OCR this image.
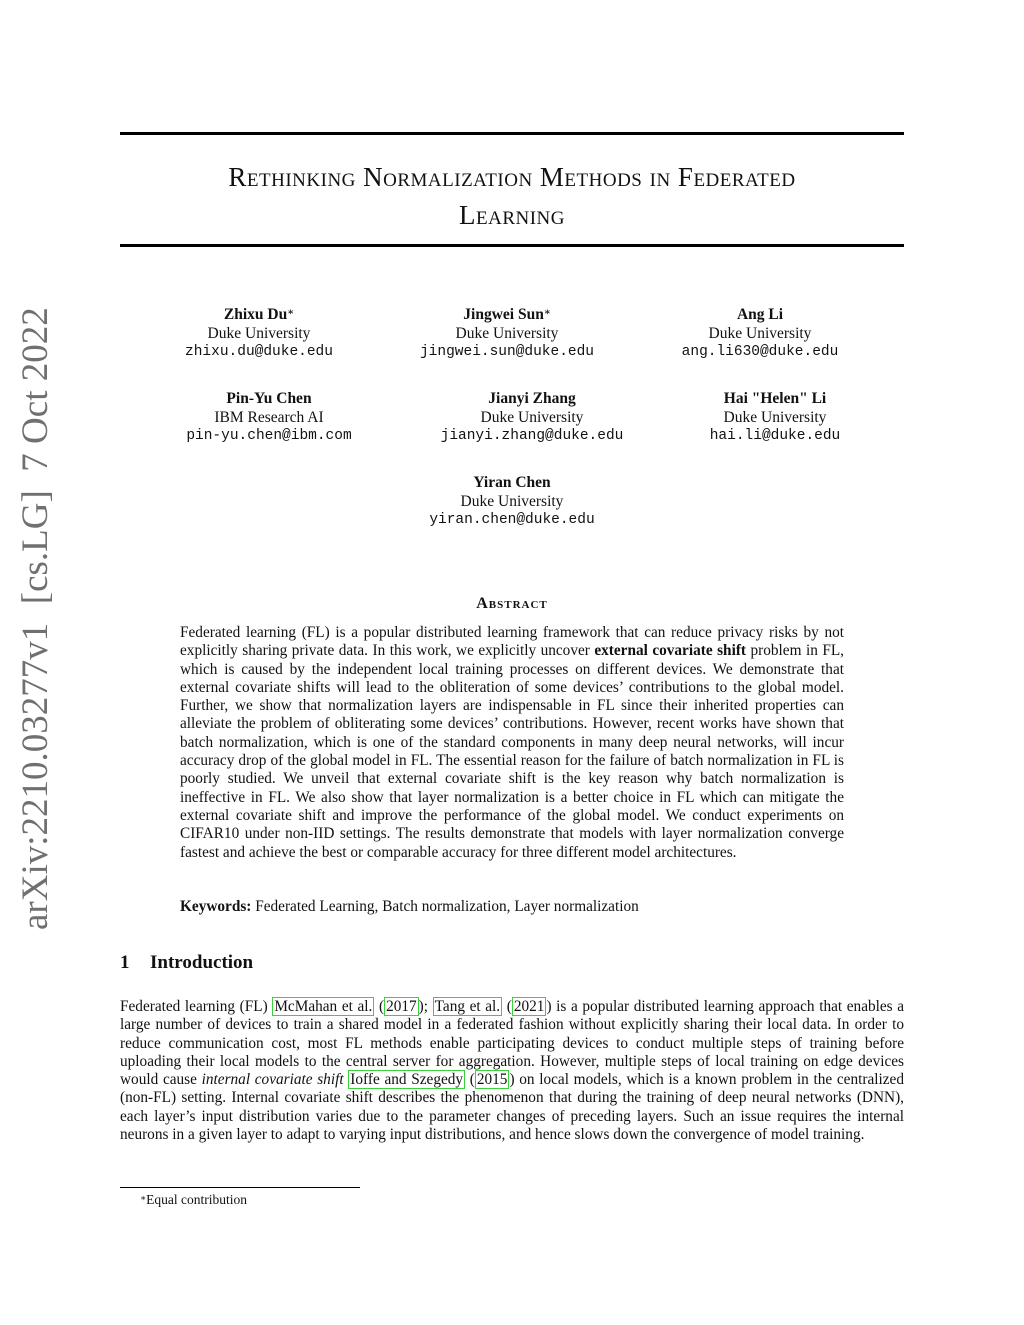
arXiv:2210.03277v1  [cs.LG]  7 Oct 2022
Rethinking Normalization Methods in Federated
Learning
Zhixu Du∗
Duke University
zhixu.du@duke.edu
Jingwei Sun∗
Duke University
jingwei.sun@duke.edu
Ang Li
Duke University
ang.li630@duke.edu
Pin-Yu Chen
IBM Research AI
pin-yu.chen@ibm.com
Jianyi Zhang
Duke University
jianyi.zhang@duke.edu
Hai "Helen" Li
Duke University
hai.li@duke.edu
Yiran Chen
Duke University
yiran.chen@duke.edu
Abstract
Federated learning (FL) is a popular distributed learning framework that can reduce privacy risks by not explicitly sharing private data. In this work, we explicitly uncover external covariate shift problem in FL, which is caused by the independent local training processes on different devices. We demonstrate that external covariate shifts will lead to the obliteration of some devices’ contributions to the global model. Further, we show that normalization layers are indispensable in FL since their inherited properties can alleviate the problem of obliterating some devices’ contributions. However, recent works have shown that batch normalization, which is one of the standard components in many deep neural networks, will incur accuracy drop of the global model in FL. The essential reason for the failure of batch normalization in FL is poorly studied. We unveil that external covariate shift is the key reason why batch normalization is ineffective in FL. We also show that layer normalization is a better choice in FL which can mitigate the external covariate shift and improve the performance of the global model. We conduct experiments on CIFAR10 under non-IID settings. The results demonstrate that models with layer normalization converge fastest and achieve the best or comparable accuracy for three different model architectures.
Keywords: Federated Learning, Batch normalization, Layer normalization
1 Introduction
Federated learning (FL) McMahan et al. ( 2017 ); Tang et al. ( 2021 ) is a popular distributed learning approach that enables a large number of devices to train a shared model in a federated fashion without explicitly sharing their local data. In order to reduce communication cost, most FL methods enable participating devices to conduct multiple steps of training before uploading their local models to the central server for aggregation. However, multiple steps of local training on edge devices would cause internal covariate shift Ioffe and Szegedy ( 2015 ) on local models, which is a known problem in the centralized (non-FL) setting. Internal covariate shift describes the phenomenon that during the training of deep neural networks (DNN), each layer’s input distribution varies due to the parameter changes of preceding layers. Such an issue requires the internal neurons in a given layer to adapt to varying input distributions, and hence slows down the convergence of model training.
∗Equal contribution
